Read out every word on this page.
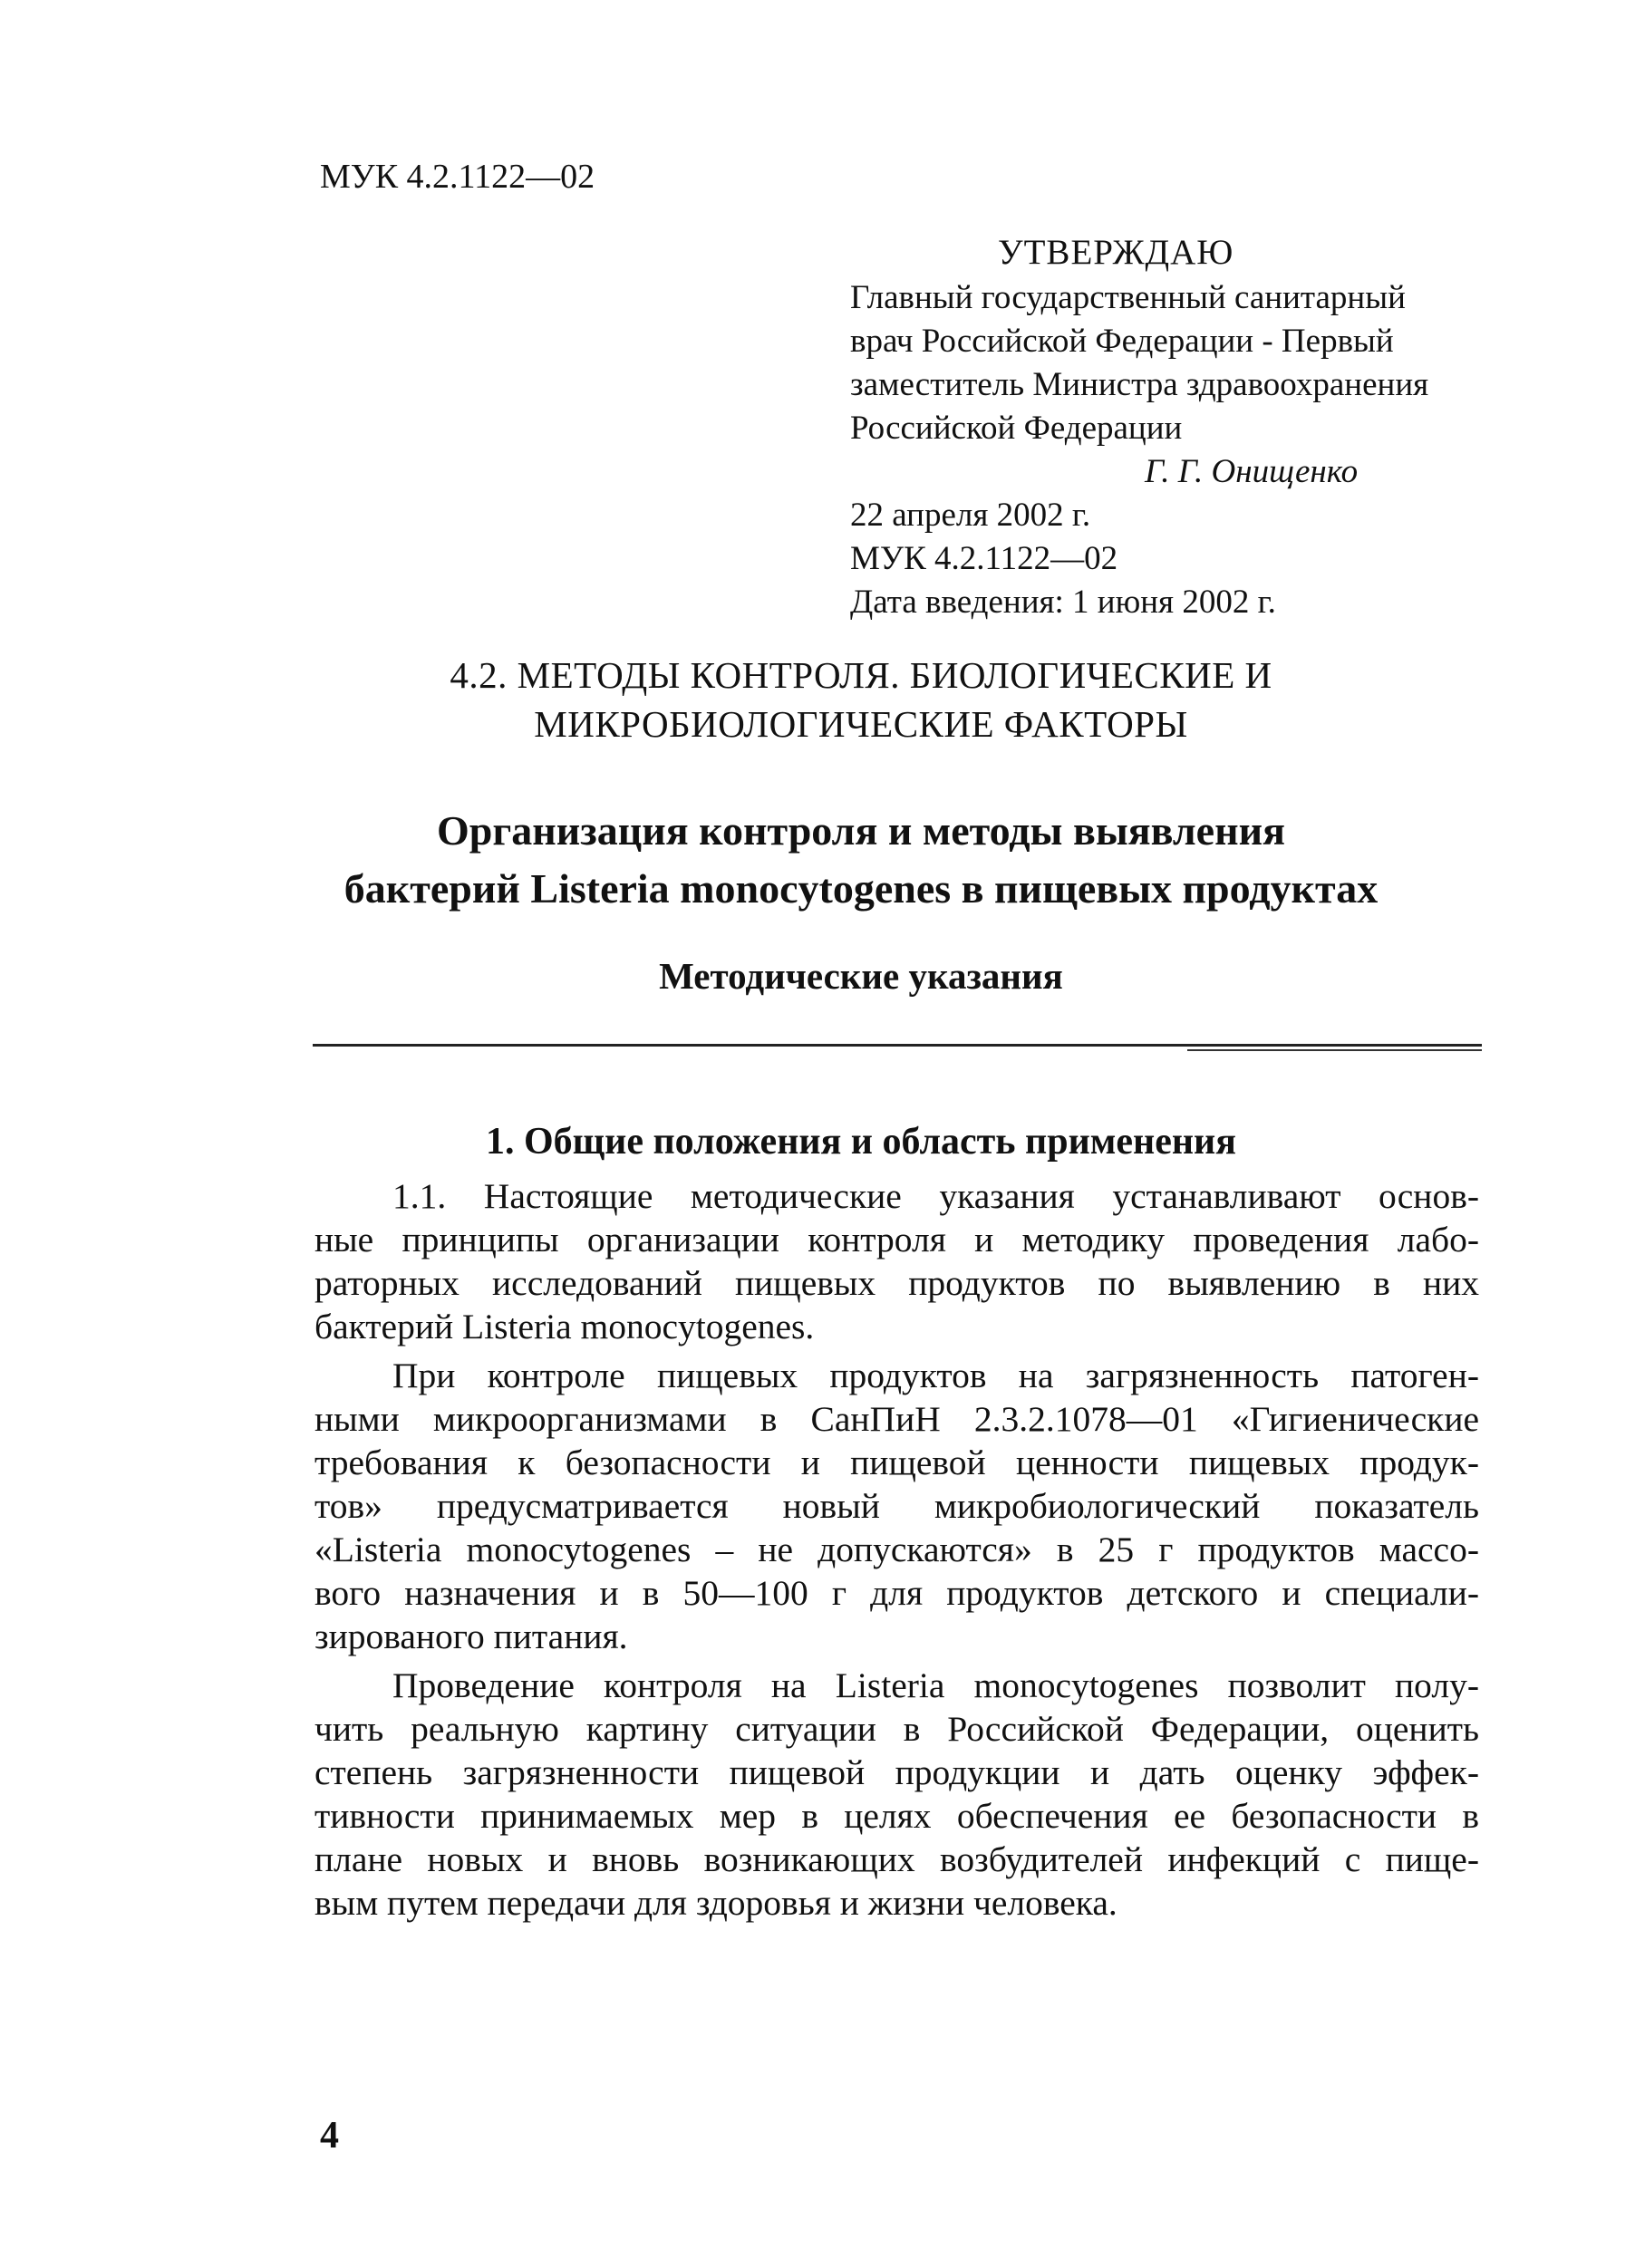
МУК 4.2.1122—02
УТВЕРЖДАЮ
Главный государственный санитарный
врач Российской Федерации - Первый
заместитель Министра здравоохранения
Российской Федерации
Г. Г. Онищенко
22 апреля 2002 г.
МУК 4.2.1122—02
Дата введения: 1 июня 2002 г.
4.2. МЕТОДЫ КОНТРОЛЯ. БИОЛОГИЧЕСКИЕ И
МИКРОБИОЛОГИЧЕСКИЕ ФАКТОРЫ
Организация контроля и методы выявления
бактерий Listeria monocytogenes в пищевых продуктах
Методические указания
1. Общие положения и область применения
1.1. Настоящие методические указания устанавливают основ-
ные принципы организации контроля и методику проведения лабо-
раторных исследований пищевых продуктов по выявлению в них
бактерий Listeria monocytogenes.
При контроле пищевых продуктов на загрязненность патоген-
ными микроорганизмами в СанПиН 2.3.2.1078—01 «Гигиенические
требования к безопасности и пищевой ценности пищевых продук-
тов» предусматривается новый микробиологический показатель
«Listeria monocytogenes – не допускаются» в 25 г продуктов массо-
вого назначения и в 50—100 г для продуктов детского и специали-
зированого питания.
Проведение контроля на Listeria monocytogenes позволит полу-
чить реальную картину ситуации в Российской Федерации, оценить
степень загрязненности пищевой продукции и дать оценку эффек-
тивности принимаемых мер в целях обеспечения ее безопасности в
плане новых и вновь возникающих возбудителей инфекций с пище-
вым путем передачи для здоровья и жизни человека.
4
